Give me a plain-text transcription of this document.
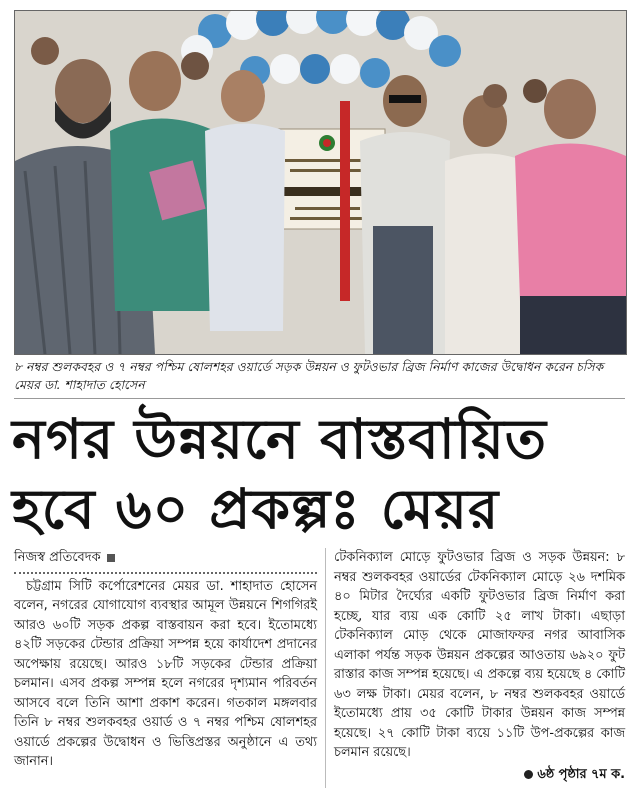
৮ নম্বর শুলকবহর ও ৭ নম্বর পশ্চিম ষোলশহর ওয়ার্ডে সড়ক উন্নয়ন ও ফুটওভার ব্রিজ নির্মাণ কাজের উদ্বোধন করেন চসিক মেয়র ডা. শাহাদাত হোসেন
নগর উন্নয়নে বাস্তবায়িত
হবে ৬০ প্রকল্পঃ মেয়র
নিজস্ব প্রতিবেদক

চট্টগ্রাম সিটি কর্পোরেশনের মেয়র ডা. শাহাদাত হোসেন বলেন, নগরের যোগাযোগ ব্যবস্থার আমূল উন্নয়নে শিগগিরই আরও ৬০টি সড়ক প্রকল্প বাস্তবায়ন করা হবে। ইতোমধ্যে ৪২টি সড়কের টেন্ডার প্রক্রিয়া সম্পন্ন হয়ে কার্যাদেশ প্রদানের অপেক্ষায় রয়েছে। আরও ১৮টি সড়কের টেন্ডার প্রক্রিয়া চলমান। এসব প্রকল্প সম্পন্ন হলে নগরের দৃশ্যমান পরিবর্তন আসবে বলে তিনি আশা প্রকাশ করেন। গতকাল মঙ্গলবার তিনি ৮ নম্বর শুলকবহর ওয়ার্ড ও ৭ নম্বর পশ্চিম ষোলশহর ওয়ার্ডে প্রকল্পের উদ্বোধন ও ভিত্তিপ্রস্তর অনুষ্ঠানে এ তথ্য জানান।

টেকনিক্যাল মোড়ে ফুটওভার ব্রিজ ও সড়ক উন্নয়ন: ৮ নম্বর শুলকবহর ওয়ার্ডের টেকনিক্যাল মোড়ে ২৬ দশমিক ৪০ মিটার দৈর্ঘ্যের একটি ফুটওভার ব্রিজ নির্মাণ করা হচ্ছে, যার ব্যয় এক কোটি ২৫ লাখ টাকা। এছাড়া টেকনিক্যাল মোড় থেকে মোজাফফর নগর আবাসিক এলাকা পর্যন্ত সড়ক উন্নয়ন প্রকল্পের আওতায় ৬৯২০ ফুট রাস্তার কাজ সম্পন্ন হয়েছে। এ প্রকল্পে ব্যয় হয়েছে ৪ কোটি ৬৩ লক্ষ টাকা। মেয়র বলেন, ৮ নম্বর শুলকবহর ওয়ার্ডে ইতোমধ্যে প্রায় ৩৫ কোটি টাকার উন্নয়ন কাজ সম্পন্ন হয়েছে। ২৭ কোটি টাকা ব্যয়ে ১১টি উপ-প্রকল্পের কাজ চলমান রয়েছে।

৬ষ্ঠ পৃষ্ঠার ৭ম ক.
